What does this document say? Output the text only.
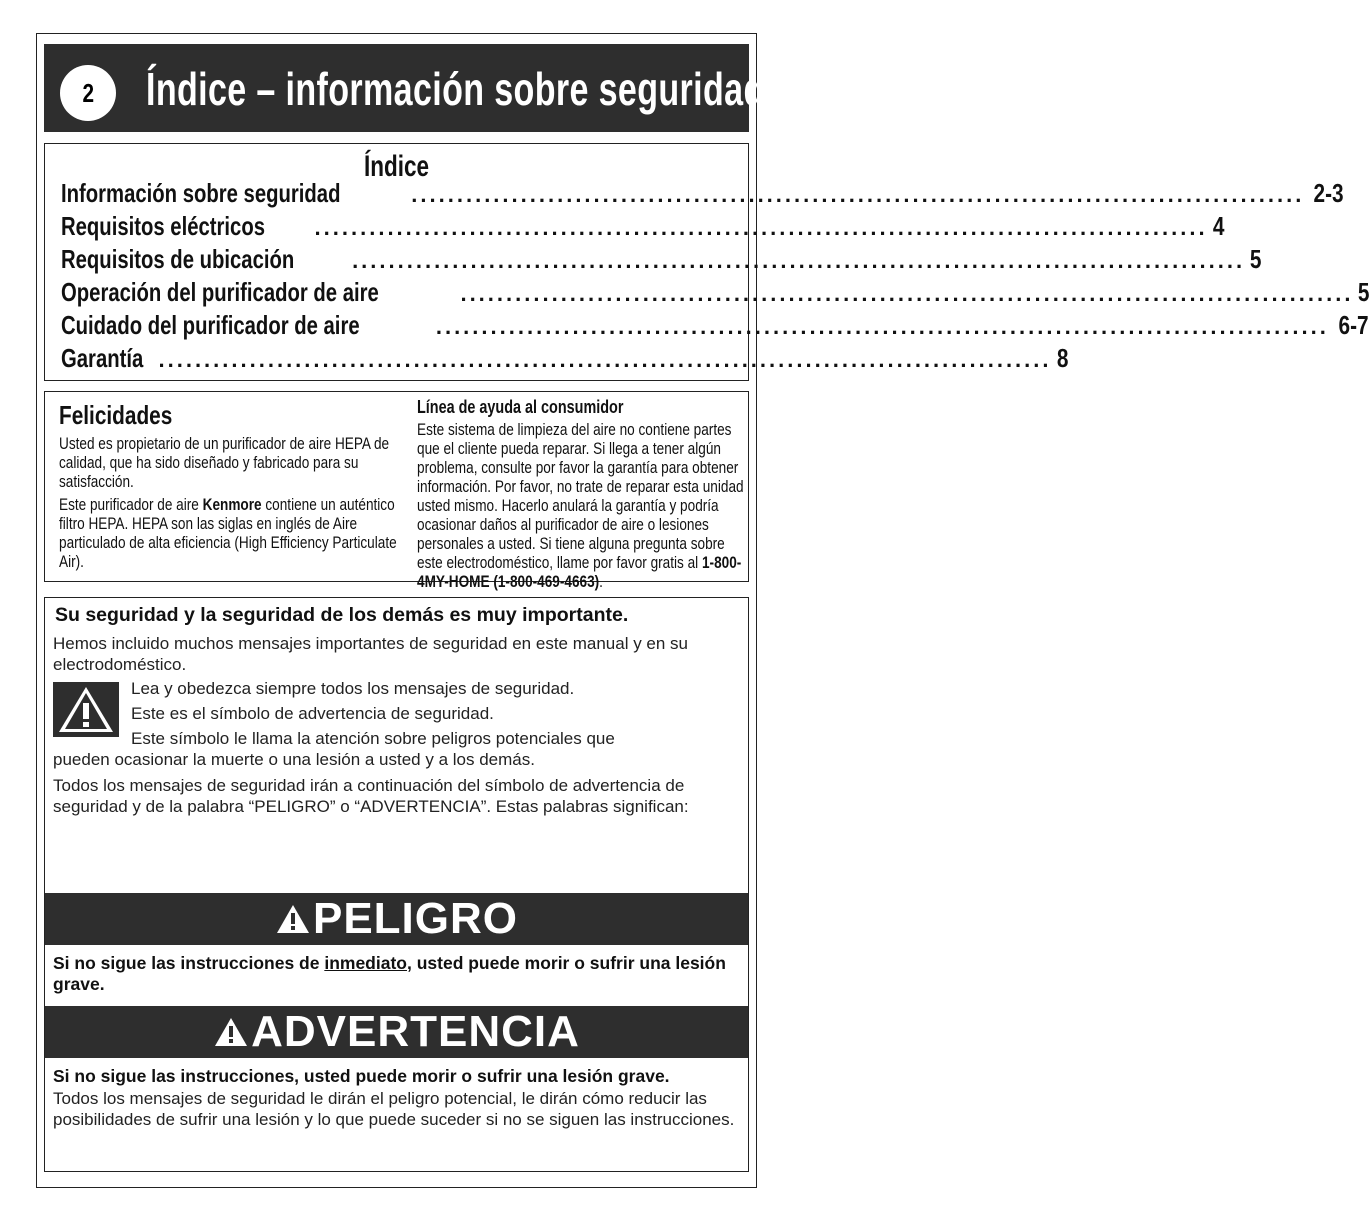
2 Índice – información sobre seguridad
Índice
Información sobre seguridad	.................................................................................................. 2-3
Requisitos eléctricos .................................................................................................. 4
Requisitos de ubicación	.................................................................................................. 5
Operación del purificador de aire	.................................................................................................. 5
Cuidado del purificador de aire	.................................................................................................. 6-7
Garantía .................................................................................................. 8
Felicidades

Usted es propietario de un purificador de aire HEPA de calidad, que ha sido diseñado y fabricado para su satisfacción.

Este purificador de aire Kenmore contiene un auténtico filtro HEPA. HEPA son las siglas en inglés de Aire particulado de alta eficiencia (High Efficiency Particulate Air).

Línea de ayuda al consumidor

Este sistema de limpieza del aire no contiene partes que el cliente pueda reparar. Si llega a tener algún problema, consulte por favor la garantía para obtener información. Por favor, no trate de reparar esta unidad usted mismo. Hacerlo anulará la garantía y podría ocasionar daños al purificador de aire o lesiones personales a usted. Si tiene alguna pregunta sobre este electrodoméstico, llame por favor gratis al 1-800-4MY-HOME (1-800-469-4663).

Su seguridad y la seguridad de los demás es muy importante.

Hemos incluido muchos mensajes importantes de seguridad en este manual y en su electrodoméstico.

Lea y obedezca siempre todos los mensajes de seguridad.

Este es el símbolo de advertencia de seguridad.

Este símbolo le llama la atención sobre peligros potenciales que

pueden ocasionar la muerte o una lesión a usted y a los demás.

Todos los mensajes de seguridad irán a continuación del símbolo de advertencia de seguridad y de la palabra “PELIGRO” o “ADVERTENCIA”. Estas palabras significan:

PELIGRO

Si no sigue las instrucciones de inmediato, usted puede morir o sufrir una lesión grave.

ADVERTENCIA

Si no sigue las instrucciones, usted puede morir o sufrir una lesión grave.

Todos los mensajes de seguridad le dirán el peligro potencial, le dirán cómo reducir las posibilidades de sufrir una lesión y lo que puede suceder si no se siguen las instrucciones.
